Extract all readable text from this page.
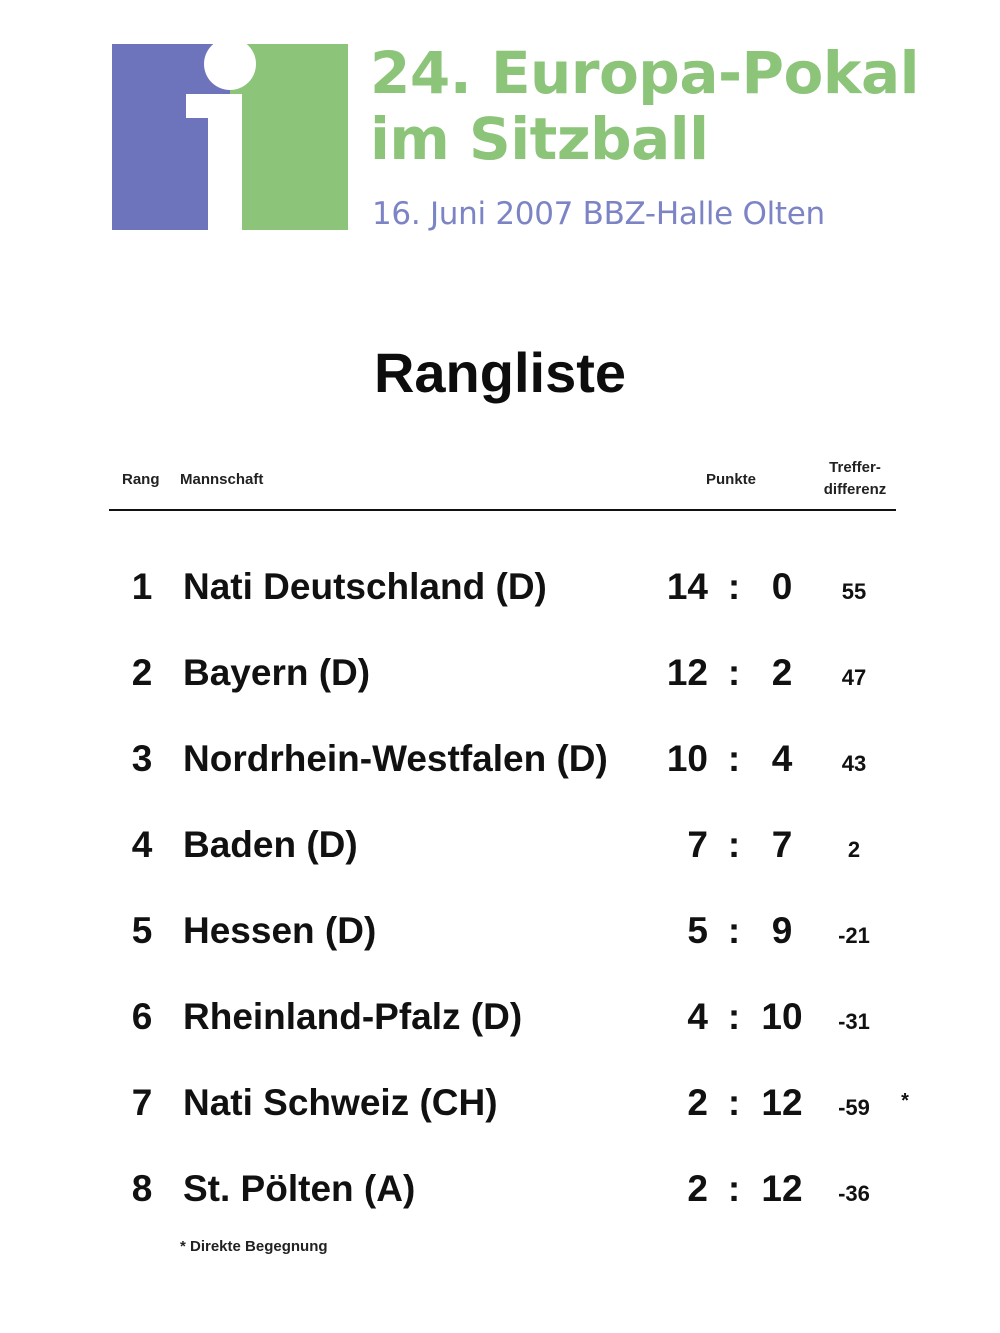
24. Europa-Pokal
im Sitzball
16. Juni 2007 BBZ-Halle Olten
Rangliste
Rang Mannschaft	Punkte
Treffer-
differenz
1 Nati Deutschland (D)	14 : 0	55
2 Bayern (D)	12 : 2	47
3 Nordrhein-Westfalen (D)	10 : 4	43
4 Baden (D)	7 : 7	2
5 Hessen (D)	5 : 9	-21
6 Rheinland-Pfalz (D)	4 : 10	-31
7 Nati Schweiz (CH)	2 : 12	-59	*
8 St. Pölten (A)	2 : 12	-36
* Direkte Begegnung
